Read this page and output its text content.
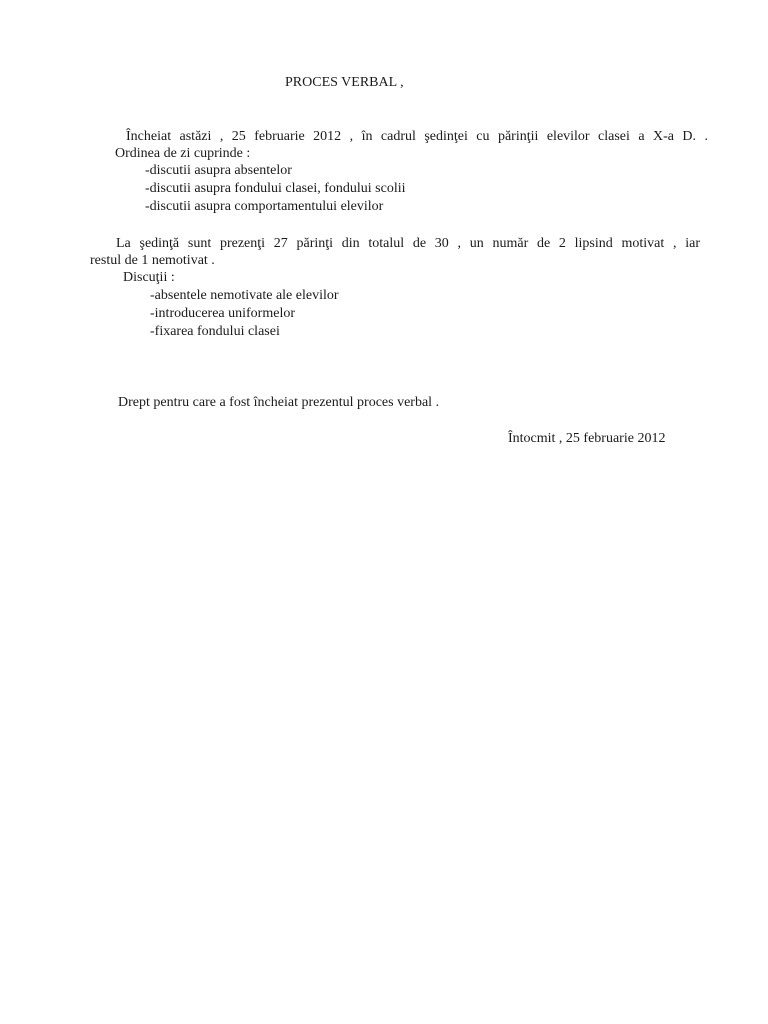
PROCES VERBAL ,
Încheiat astăzi , 25 februarie 2012 , în cadrul şedinţei cu părinţii elevilor clasei a X-a D. .
Ordinea de zi cuprinde :
-discutii asupra absentelor
-discutii asupra fondului clasei, fondului scolii
-discutii asupra comportamentului elevilor
La şedinţă sunt prezenţi 27 părinţi din totalul de 30 , un număr de 2 lipsind motivat , iar
restul de 1 nemotivat .
Discuţii :
-absentele nemotivate ale elevilor
-introducerea uniformelor
-fixarea fondului clasei
Drept pentru care a fost încheiat prezentul proces verbal .
Întocmit , 25 februarie 2012
